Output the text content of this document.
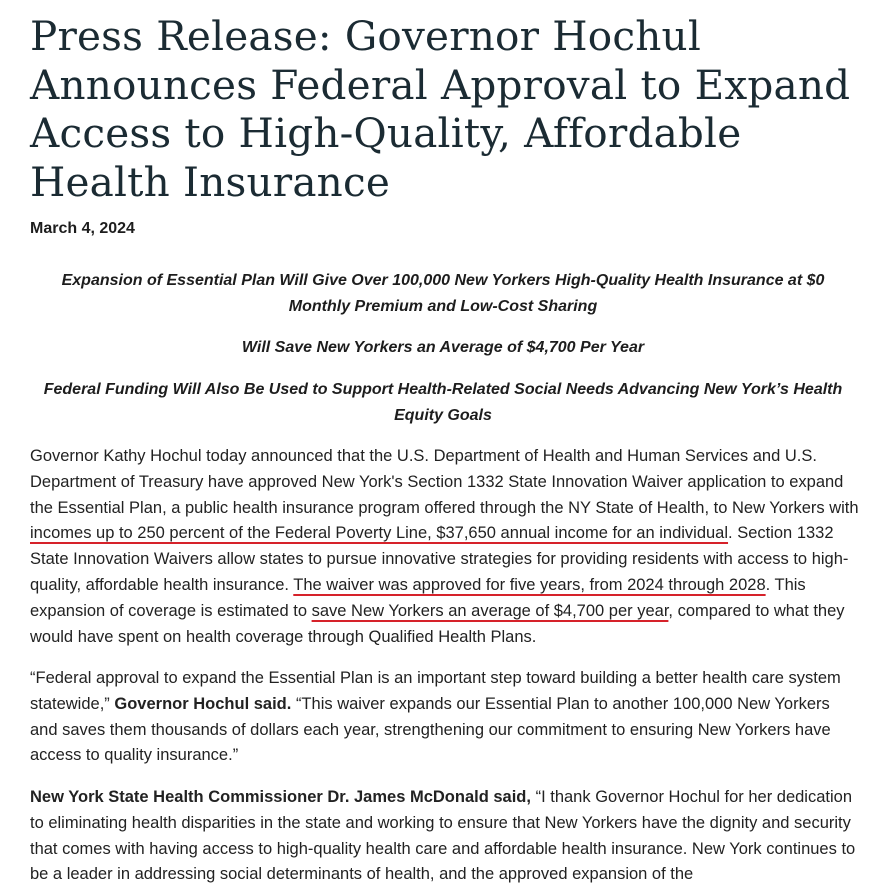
Press Release: Governor Hochul Announces Federal Approval to Expand Access to High-Quality, Affordable Health Insurance

March 4, 2024

Expansion of Essential Plan Will Give Over 100,000 New Yorkers High-Quality Health Insurance at $0 Monthly Premium and Low-Cost Sharing

Will Save New Yorkers an Average of $4,700 Per Year

Federal Funding Will Also Be Used to Support Health-Related Social Needs Advancing New York’s Health Equity Goals

Governor Kathy Hochul today announced that the U.S. Department of Health and Human Services and U.S. Department of Treasury have approved New York's Section 1332 State Innovation Waiver application to expand the Essential Plan, a public health insurance program offered through the NY State of Health, to New Yorkers with incomes up to 250 percent of the Federal Poverty Line, $37,650 annual income for an individual. Section 1332 State Innovation Waivers allow states to pursue innovative strategies for providing residents with access to high-quality, affordable health insurance. The waiver was approved for five years, from 2024 through 2028. This expansion of coverage is estimated to save New Yorkers an average of $4,700 per year, compared to what they would have spent on health coverage through Qualified Health Plans.

“Federal approval to expand the Essential Plan is an important step toward building a better health care system statewide,” Governor Hochul said. “This waiver expands our Essential Plan to another 100,000 New Yorkers and saves them thousands of dollars each year, strengthening our commitment to ensuring New Yorkers have access to quality insurance.”

New York State Health Commissioner Dr. James McDonald said, “I thank Governor Hochul for her dedication to eliminating health disparities in the state and working to ensure that New Yorkers have the dignity and security that comes with having access to high-quality health care and affordable health insurance. New York continues to be a leader in addressing social determinants of health, and the approved expansion of the
